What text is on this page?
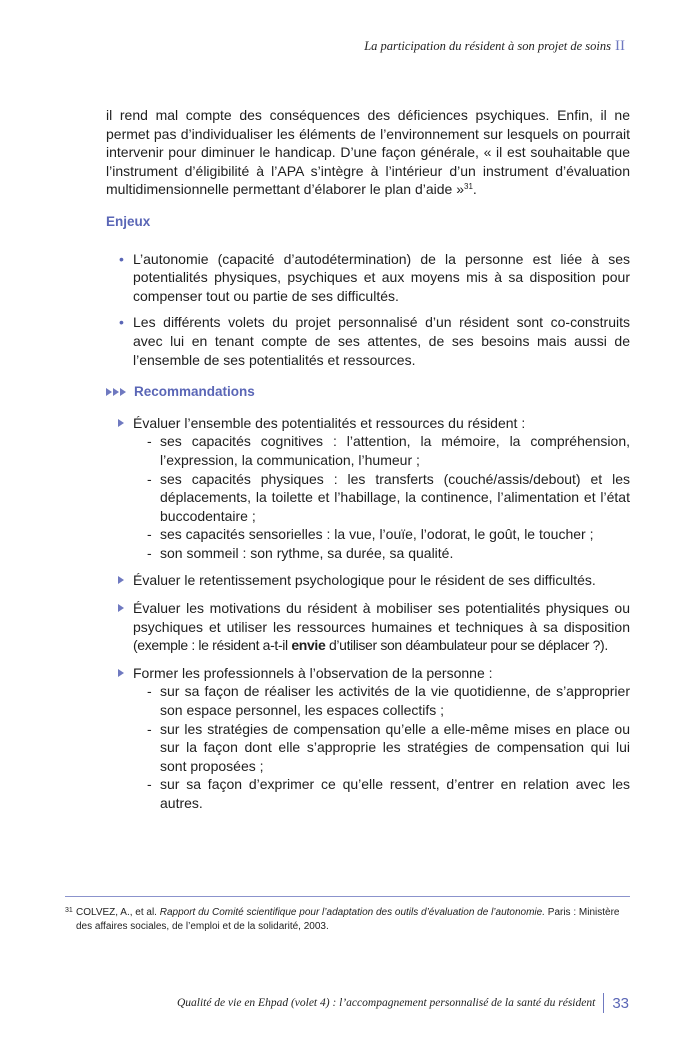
La participation du résident à son projet de soins II

il rend mal compte des conséquences des déficiences psychiques. Enfin, il ne permet pas d’individualiser les éléments de l’environnement sur lesquels on pourrait intervenir pour diminuer le handicap. D’une façon générale, « il est souhaitable que l’instrument d’éligibilité à l’APA s’intègre à l’intérieur d’un instrument d’évaluation multidimensionnelle permettant d’élaborer le plan d’aide »$^{31}$.

Enjeux
• L’autonomie (capacité d’autodétermination) de la personne est liée à ses potentialités physiques, psychiques et aux moyens mis à sa disposition pour compenser tout ou partie de ses difficultés.
• Les différents volets du projet personnalisé d’un résident sont co-construits avec lui en tenant compte de ses attentes, de ses besoins mais aussi de l’ensemble de ses potentialités et ressources.
Recommandations
Évaluer l’ensemble des potentialités et ressources du résident :
- ses capacités cognitives : l’attention, la mémoire, la compréhension, l’expression, la communication, l’humeur ;
- ses capacités physiques : les transferts (couché/assis/debout) et les déplacements, la toilette et l’habillage, la continence, l’alimentation et l’état buccodentaire ;
- ses capacités sensorielles : la vue, l’ouïe, l’odorat, le goût, le toucher ;
- son sommeil : son rythme, sa durée, sa qualité.
Évaluer le retentissement psychologique pour le résident de ses difficultés.
Évaluer les motivations du résident à mobiliser ses potentialités physiques ou psychiques et utiliser les ressources humaines et techniques à sa disposition (exemple : le résident a-t-il envie d’utiliser son déambulateur pour se déplacer ?).
Former les professionnels à l’observation de la personne :
- sur sa façon de réaliser les activités de la vie quotidienne, de s’approprier son espace personnel, les espaces collectifs ;
- sur les stratégies de compensation qu’elle a elle-même mises en place ou sur la façon dont elle s’approprie les stratégies de compensation qui lui sont proposées ;
- sur sa façon d’exprimer ce qu’elle ressent, d’entrer en relation avec les autres.
31 COLVEZ, A., et al. Rapport du Comité scientifique pour l’adaptation des outils d’évaluation de l’autonomie. Paris : Ministère des affaires sociales, de l’emploi et de la solidarité, 2003.
Qualité de vie en Ehpad (volet 4) : l’accompagnement personnalisé de la santé du résident 33
